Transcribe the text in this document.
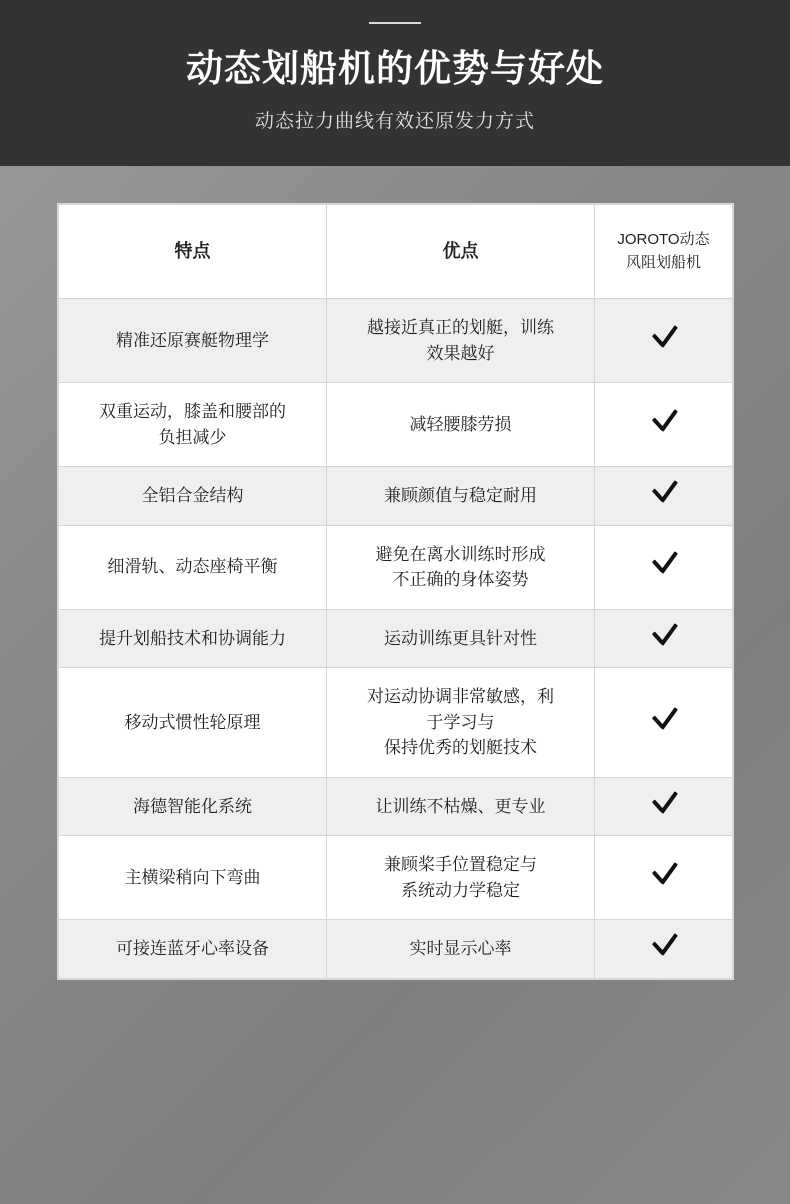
动态划船机的优势与好处
动态拉力曲线有效还原发力方式
特点	优点	JOROTO动态
风阻划船机
精准还原赛艇物理学	越接近真正的划艇，训练
效果越好	
双重运动，膝盖和腰部的
负担减少	减轻腰膝劳损	
全铝合金结构	兼顾颜值与稳定耐用	
细滑轨、动态座椅平衡	避免在离水训练时形成
不正确的身体姿势	
提升划船技术和协调能力	运动训练更具针对性	
移动式惯性轮原理	对运动协调非常敏感，利
于学习与
保持优秀的划艇技术	
海德智能化系统	让训练不枯燥、更专业	
主横梁稍向下弯曲	兼顾桨手位置稳定与
系统动力学稳定	
可接连蓝牙心率设备	实时显示心率	
